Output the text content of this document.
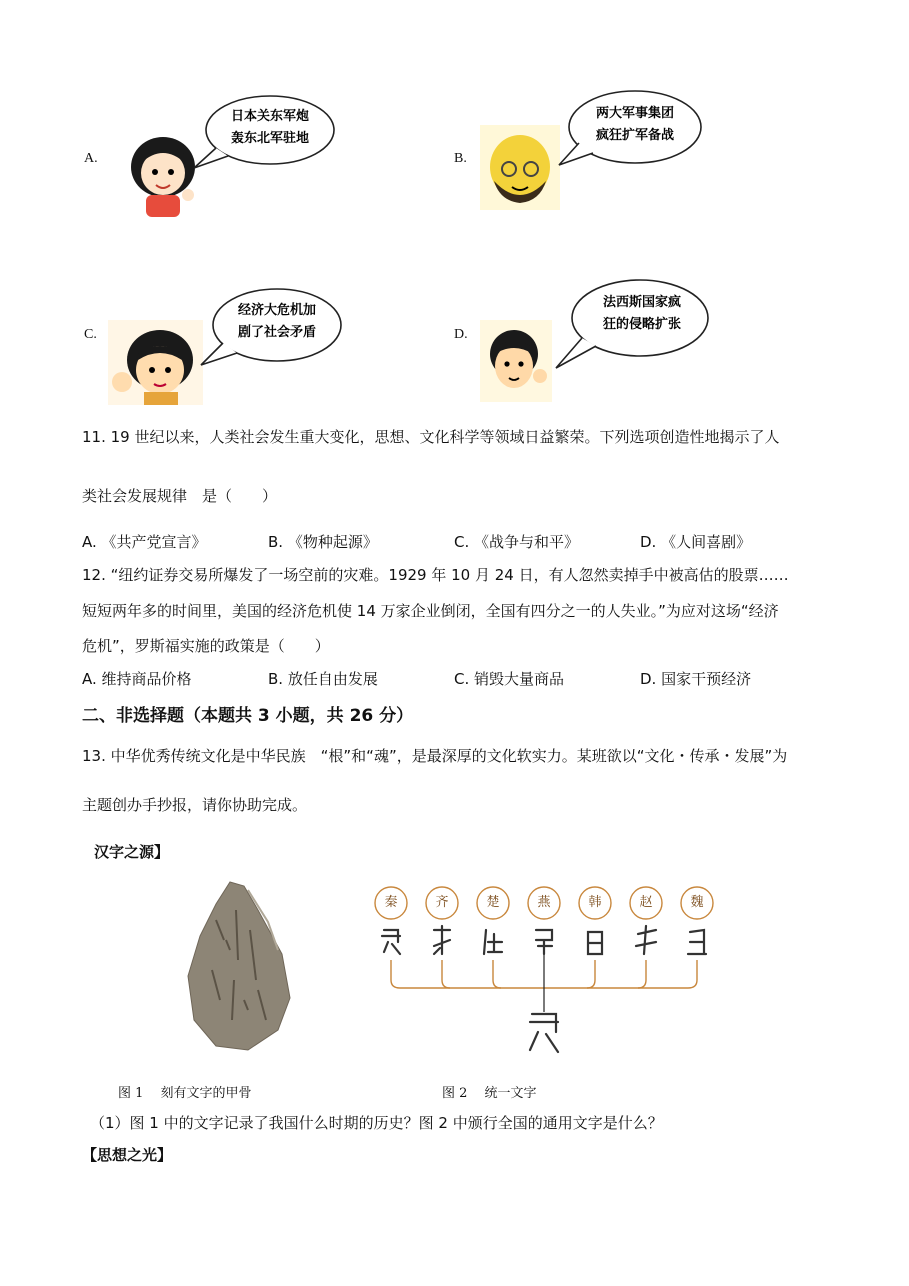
A.
日本关东军炮
轰东北军驻地
B.
两大军事集团
疯狂扩军备战
C.
经济大危机加
剧了社会矛盾	D.
法西斯国家疯
狂的侵略扩张
11. 19 世纪以来，人类社会发生重大变化，思想、文化科学等领域日益繁荣。下列选项创造性地揭示了人
类社会发展规律　是（　　）
A. 《共产党宣言》	B. 《物种起源》	C. 《战争与和平》	D. 《人间喜剧》
12. “纽约证券交易所爆发了一场空前的灾难。1929 年 10 月 24 日，有人忽然卖掉手中被高估的股票……
短短两年多的时间里，美国的经济危机使 14 万家企业倒闭，全国有四分之一的人失业。”为应对这场“经济
危机”，罗斯福实施的政策是（　　）
A. 维持商品价格	B. 放任自由发展	C. 销毁大量商品	D. 国家干预经济
二、非选择题（本题共 3 小题，共 26 分）
13. 中华优秀传统文化是中华民族　“根”和“魂”，是最深厚的文化软实力。某班欲以“文化・传承・发展”为
主题创办手抄报，请你协助完成。
汉字之源】
秦	齐	楚	燕	韩	赵	魏
图 1　 刻有文字的甲骨	图 2　 统一文字
（1）图 1 中的文字记录了我国什么时期的历史？图 2 中颁行全国的通用文字是什么？
【思想之光】
